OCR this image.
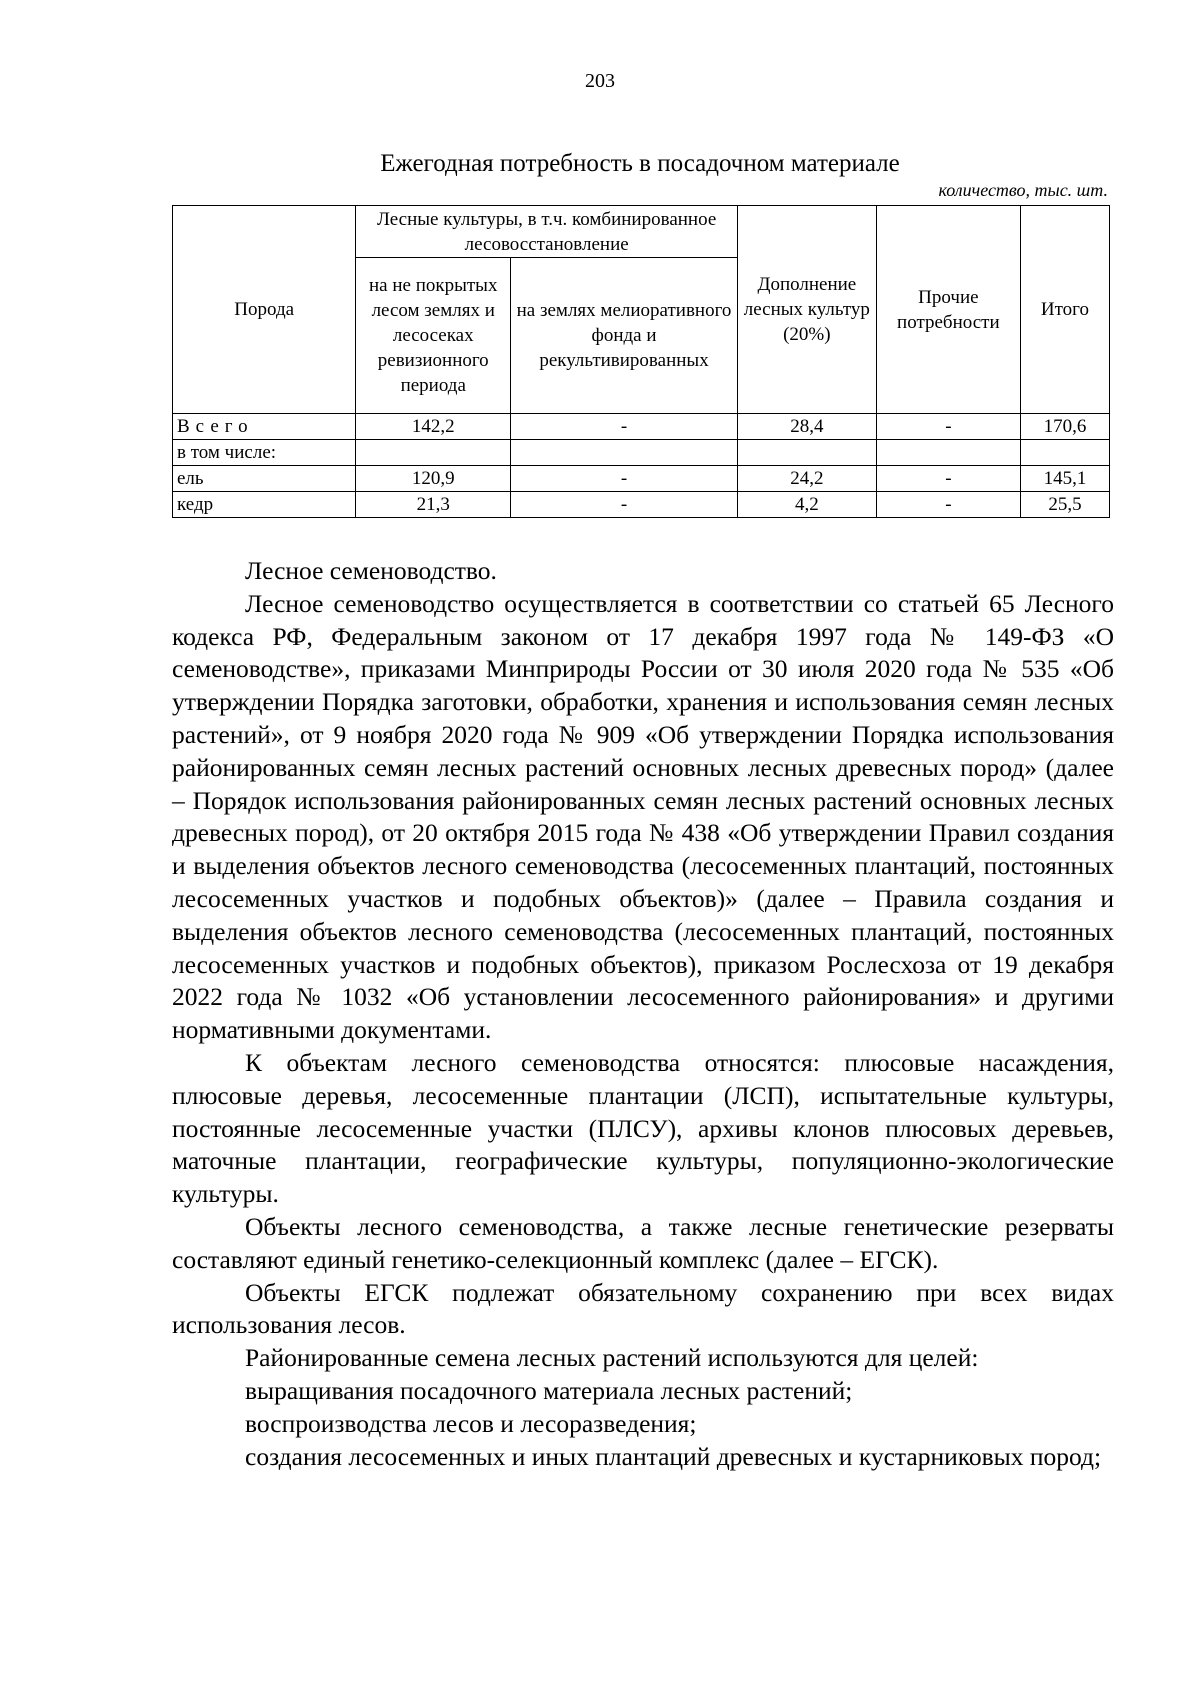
203
Ежегодная потребность в посадочном материале
количество, тыс. шт.
Порода	Лесные культуры, в т.ч. комбинированное лесовосстановление		Дополнение лесных культур (20%)	Прочие потребности	Итого
	на не покрытых лесом землях и лесосеках ревизионного периода	на землях мелиоративного фонда и рекультивированных			
Всего	142,2	-	28,4	-	170,6
в том числе:					
ель	120,9	-	24,2	-	145,1
кедр	21,3	-	4,2	-	25,5

Лесное семеноводство.

Лесное семеноводство осуществляется в соответствии со статьей 65 Лесного кодекса РФ, Федеральным законом от 17 декабря 1997 года № 149-ФЗ «О семеноводстве», приказами Минприроды России от 30 июля 2020 года № 535 «Об утверждении Порядка заготовки, обработки, хранения и использования семян лесных растений», от 9 ноября 2020 года № 909 «Об утверждении Порядка использования районированных семян лесных растений основных лесных древесных пород» (далее – Порядок использования районированных семян лесных растений основных лесных древесных пород), от 20 октября 2015 года № 438 «Об утверждении Правил создания и выделения объектов лесного семеноводства (лесосеменных плантаций, постоянных лесосеменных участков и подобных объектов)» (далее – Правила создания и выделения объектов лесного семеноводства (лесосеменных плантаций, постоянных лесосеменных участков и подобных объектов), приказом Рослесхоза от 19 декабря 2022 года № 1032 «Об установлении лесосеменного районирования» и другими нормативными документами.

К объектам лесного семеноводства относятся: плюсовые насаждения, плюсовые деревья, лесосеменные плантации (ЛСП), испытательные культуры, постоянные лесосеменные участки (ПЛСУ), архивы клонов плюсовых деревьев, маточные плантации, географические культуры, популяционно-экологические культуры.

Объекты лесного семеноводства, а также лесные генетические резерваты составляют единый генетико-селекционный комплекс (далее – ЕГСК).

Объекты ЕГСК подлежат обязательному сохранению при всех видах использования лесов.

Районированные семена лесных растений используются для целей:

выращивания посадочного материала лесных растений;

воспроизводства лесов и лесоразведения;

создания лесосеменных и иных плантаций древесных и кустарниковых пород;
